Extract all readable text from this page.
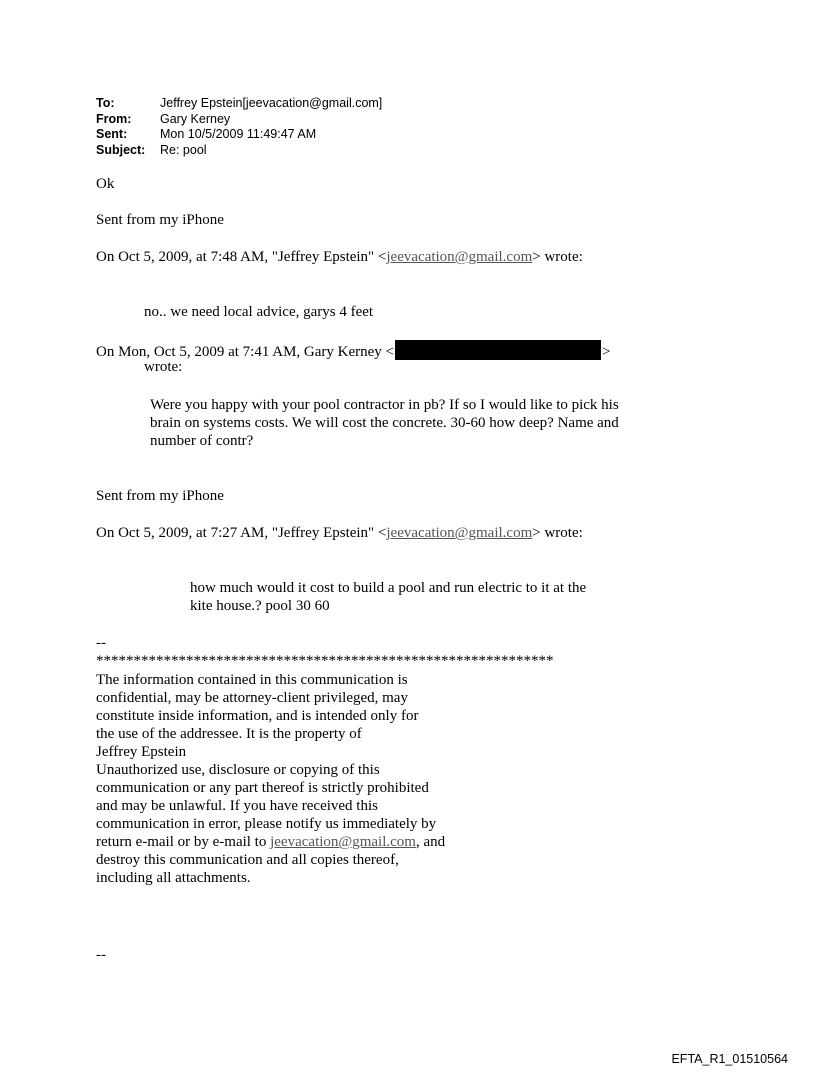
To:	Jeffrey Epstein[jeevacation@gmail.com]
From:	Gary Kerney
Sent:	Mon 10/5/2009 11:49:47 AM
Subject:	Re: pool
Ok
Sent from my iPhone
On Oct 5, 2009, at 7:48 AM, "Jeffrey Epstein" <jeevacation@gmail.com> wrote:
no.. we need local advice, garys 4 feet
On Mon, Oct 5, 2009 at 7:41 AM, Gary Kerney <	>
wrote:
Were you happy with your pool contractor in pb? If so I would like to pick his
brain on systems costs. We will cost the concrete. 30-60 how deep? Name and
number of contr?
Sent from my iPhone
On Oct 5, 2009, at 7:27 AM, "Jeffrey Epstein" <jeevacation@gmail.com> wrote:
how much would it cost to build a pool and run electric to it at the
kite house.? pool 30 60
--
*************************************************************
The information contained in this communication is
confidential, may be attorney-client privileged, may
constitute inside information, and is intended only for
the use of the addressee. It is the property of
Jeffrey Epstein
Unauthorized use, disclosure or copying of this
communication or any part thereof is strictly prohibited
and may be unlawful. If you have received this
communication in error, please notify us immediately by
return e-mail or by e-mail to jeevacation@gmail.com, and
destroy this communication and all copies thereof,
including all attachments.
--
EFTA_R1_01510564
